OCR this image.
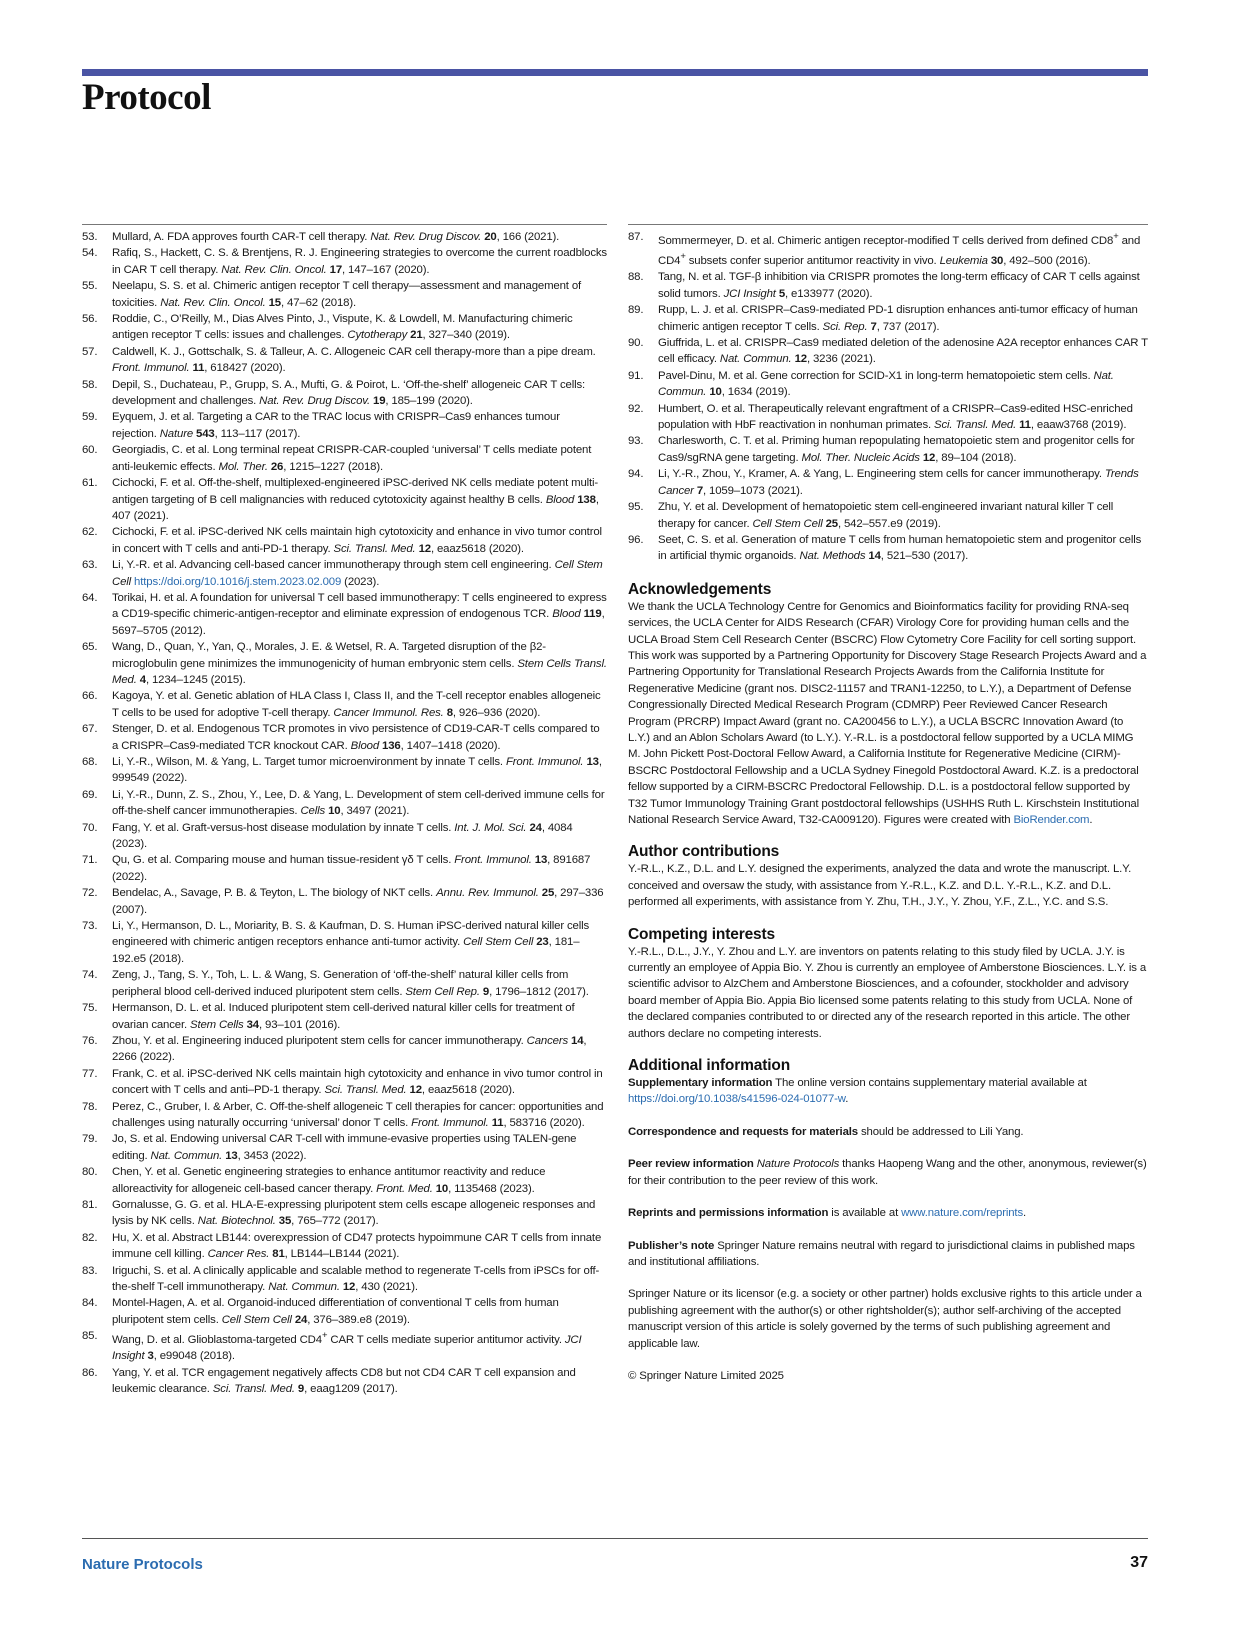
Protocol
53.	Mullard, A. FDA approves fourth CAR-T cell therapy. Nat. Rev. Drug Discov. 20, 166 (2021).
54.	Rafiq, S., Hackett, C. S. & Brentjens, R. J. Engineering strategies to overcome the current roadblocks in CAR T cell therapy. Nat. Rev. Clin. Oncol. 17, 147–167 (2020).
55.	Neelapu, S. S. et al. Chimeric antigen receptor T cell therapy—assessment and management of toxicities. Nat. Rev. Clin. Oncol. 15, 47–62 (2018).
56.	Roddie, C., O’Reilly, M., Dias Alves Pinto, J., Vispute, K. & Lowdell, M. Manufacturing chimeric antigen receptor T cells: issues and challenges. Cytotherapy 21, 327–340 (2019).
57.	Caldwell, K. J., Gottschalk, S. & Talleur, A. C. Allogeneic CAR cell therapy-more than a pipe dream. Front. Immunol. 11, 618427 (2020).
58.	Depil, S., Duchateau, P., Grupp, S. A., Mufti, G. & Poirot, L. ‘Off-the-shelf’ allogeneic CAR T cells: development and challenges. Nat. Rev. Drug Discov. 19, 185–199 (2020).
59.	Eyquem, J. et al. Targeting a CAR to the TRAC locus with CRISPR–Cas9 enhances tumour rejection. Nature 543, 113–117 (2017).
60.	Georgiadis, C. et al. Long terminal repeat CRISPR-CAR-coupled ‘universal’ T cells mediate potent anti-leukemic effects. Mol. Ther. 26, 1215–1227 (2018).
61.	Cichocki, F. et al. Off-the-shelf, multiplexed-engineered iPSC-derived NK cells mediate potent multi-antigen targeting of B cell malignancies with reduced cytotoxicity against healthy B cells. Blood 138, 407 (2021).
62.	Cichocki, F. et al. iPSC-derived NK cells maintain high cytotoxicity and enhance in vivo tumor control in concert with T cells and anti-PD-1 therapy. Sci. Transl. Med. 12, eaaz5618 (2020).
63.	Li, Y.-R. et al. Advancing cell-based cancer immunotherapy through stem cell engineering. Cell Stem Cell https://doi.org/10.1016/j.stem.2023.02.009 (2023).
64.	Torikai, H. et al. A foundation for universal T cell based immunotherapy: T cells engineered to express a CD19-specific chimeric-antigen-receptor and eliminate expression of endogenous TCR. Blood 119, 5697–5705 (2012).
65.	Wang, D., Quan, Y., Yan, Q., Morales, J. E. & Wetsel, R. A. Targeted disruption of the β2-microglobulin gene minimizes the immunogenicity of human embryonic stem cells. Stem Cells Transl. Med. 4, 1234–1245 (2015).
66.	Kagoya, Y. et al. Genetic ablation of HLA Class I, Class II, and the T-cell receptor enables allogeneic T cells to be used for adoptive T-cell therapy. Cancer Immunol. Res. 8, 926–936 (2020).
67.	Stenger, D. et al. Endogenous TCR promotes in vivo persistence of CD19-CAR-T cells compared to a CRISPR–Cas9-mediated TCR knockout CAR. Blood 136, 1407–1418 (2020).
68.	Li, Y.-R., Wilson, M. & Yang, L. Target tumor microenvironment by innate T cells. Front. Immunol. 13, 999549 (2022).
69.	Li, Y.-R., Dunn, Z. S., Zhou, Y., Lee, D. & Yang, L. Development of stem cell-derived immune cells for off-the-shelf cancer immunotherapies. Cells 10, 3497 (2021).
70.	Fang, Y. et al. Graft-versus-host disease modulation by innate T cells. Int. J. Mol. Sci. 24, 4084 (2023).
71.	Qu, G. et al. Comparing mouse and human tissue-resident γδ T cells. Front. Immunol. 13, 891687 (2022).
72.	Bendelac, A., Savage, P. B. & Teyton, L. The biology of NKT cells. Annu. Rev. Immunol. 25, 297–336 (2007).
73.	Li, Y., Hermanson, D. L., Moriarity, B. S. & Kaufman, D. S. Human iPSC-derived natural killer cells engineered with chimeric antigen receptors enhance anti-tumor activity. Cell Stem Cell 23, 181–192.e5 (2018).
74.	Zeng, J., Tang, S. Y., Toh, L. L. & Wang, S. Generation of ‘off-the-shelf’ natural killer cells from peripheral blood cell-derived induced pluripotent stem cells. Stem Cell Rep. 9, 1796–1812 (2017).
75.	Hermanson, D. L. et al. Induced pluripotent stem cell-derived natural killer cells for treatment of ovarian cancer. Stem Cells 34, 93–101 (2016).
76.	Zhou, Y. et al. Engineering induced pluripotent stem cells for cancer immunotherapy. Cancers 14, 2266 (2022).
77.	Frank, C. et al. iPSC-derived NK cells maintain high cytotoxicity and enhance in vivo tumor control in concert with T cells and anti–PD-1 therapy. Sci. Transl. Med. 12, eaaz5618 (2020).
78.	Perez, C., Gruber, I. & Arber, C. Off-the-shelf allogeneic T cell therapies for cancer: opportunities and challenges using naturally occurring ‘universal’ donor T cells. Front. Immunol. 11, 583716 (2020).
79.	Jo, S. et al. Endowing universal CAR T-cell with immune-evasive properties using TALEN-gene editing. Nat. Commun. 13, 3453 (2022).
80.	Chen, Y. et al. Genetic engineering strategies to enhance antitumor reactivity and reduce alloreactivity for allogeneic cell-based cancer therapy. Front. Med. 10, 1135468 (2023).
81.	Gornalusse, G. G. et al. HLA-E-expressing pluripotent stem cells escape allogeneic responses and lysis by NK cells. Nat. Biotechnol. 35, 765–772 (2017).
82.	Hu, X. et al. Abstract LB144: overexpression of CD47 protects hypoimmune CAR T cells from innate immune cell killing. Cancer Res. 81, LB144–LB144 (2021).
83.	Iriguchi, S. et al. A clinically applicable and scalable method to regenerate T-cells from iPSCs for off-the-shelf T-cell immunotherapy. Nat. Commun. 12, 430 (2021).
84.	Montel-Hagen, A. et al. Organoid-induced differentiation of conventional T cells from human pluripotent stem cells. Cell Stem Cell 24, 376–389.e8 (2019).
85.	Wang, D. et al. Glioblastoma-targeted CD4+ CAR T cells mediate superior antitumor activity. JCI Insight 3, e99048 (2018).
86.	Yang, Y. et al. TCR engagement negatively affects CD8 but not CD4 CAR T cell expansion and leukemic clearance. Sci. Transl. Med. 9, eaag1209 (2017).
87.	Sommermeyer, D. et al. Chimeric antigen receptor-modified T cells derived from defined CD8+ and CD4+ subsets confer superior antitumor reactivity in vivo. Leukemia 30, 492–500 (2016).
88.	Tang, N. et al. TGF-β inhibition via CRISPR promotes the long-term efficacy of CAR T cells against solid tumors. JCI Insight 5, e133977 (2020).
89.	Rupp, L. J. et al. CRISPR–Cas9-mediated PD-1 disruption enhances anti-tumor efficacy of human chimeric antigen receptor T cells. Sci. Rep. 7, 737 (2017).
90.	Giuffrida, L. et al. CRISPR–Cas9 mediated deletion of the adenosine A2A receptor enhances CAR T cell efficacy. Nat. Commun. 12, 3236 (2021).
91.	Pavel-Dinu, M. et al. Gene correction for SCID-X1 in long-term hematopoietic stem cells. Nat. Commun. 10, 1634 (2019).
92.	Humbert, O. et al. Therapeutically relevant engraftment of a CRISPR–Cas9-edited HSC-enriched population with HbF reactivation in nonhuman primates. Sci. Transl. Med. 11, eaaw3768 (2019).
93.	Charlesworth, C. T. et al. Priming human repopulating hematopoietic stem and progenitor cells for Cas9/sgRNA gene targeting. Mol. Ther. Nucleic Acids 12, 89–104 (2018).
94.	Li, Y.-R., Zhou, Y., Kramer, A. & Yang, L. Engineering stem cells for cancer immunotherapy. Trends Cancer 7, 1059–1073 (2021).
95.	Zhu, Y. et al. Development of hematopoietic stem cell-engineered invariant natural killer T cell therapy for cancer. Cell Stem Cell 25, 542–557.e9 (2019).
96.	Seet, C. S. et al. Generation of mature T cells from human hematopoietic stem and progenitor cells in artificial thymic organoids. Nat. Methods 14, 521–530 (2017).
Acknowledgements

We thank the UCLA Technology Centre for Genomics and Bioinformatics facility for providing RNA-seq services, the UCLA Center for AIDS Research (CFAR) Virology Core for providing human cells and the UCLA Broad Stem Cell Research Center (BSCRC) Flow Cytometry Core Facility for cell sorting support. This work was supported by a Partnering Opportunity for Discovery Stage Research Projects Award and a Partnering Opportunity for Translational Research Projects Awards from the California Institute for Regenerative Medicine (grant nos. DISC2-11157 and TRAN1-12250, to L.Y.), a Department of Defense Congressionally Directed Medical Research Program (CDMRP) Peer Reviewed Cancer Research Program (PRCRP) Impact Award (grant no. CA200456 to L.Y.), a UCLA BSCRC Innovation Award (to L.Y.) and an Ablon Scholars Award (to L.Y.). Y.-R.L. is a postdoctoral fellow supported by a UCLA MIMG M. John Pickett Post-Doctoral Fellow Award, a California Institute for Regenerative Medicine (CIRM)-BSCRC Postdoctoral Fellowship and a UCLA Sydney Finegold Postdoctoral Award. K.Z. is a predoctoral fellow supported by a CIRM-BSCRC Predoctoral Fellowship. D.L. is a postdoctoral fellow supported by T32 Tumor Immunology Training Grant postdoctoral fellowships (USHHS Ruth L. Kirschstein Institutional National Research Service Award, T32-CA009120). Figures were created with BioRender.com.

Author contributions

Y.-R.L., K.Z., D.L. and L.Y. designed the experiments, analyzed the data and wrote the manuscript. L.Y. conceived and oversaw the study, with assistance from Y.-R.L., K.Z. and D.L. Y.-R.L., K.Z. and D.L. performed all experiments, with assistance from Y. Zhu, T.H., J.Y., Y. Zhou, Y.F., Z.L., Y.C. and S.S.

Competing interests

Y.-R.L., D.L., J.Y., Y. Zhou and L.Y. are inventors on patents relating to this study filed by UCLA. J.Y. is currently an employee of Appia Bio. Y. Zhou is currently an employee of Amberstone Biosciences. L.Y. is a scientific advisor to AlzChem and Amberstone Biosciences, and a cofounder, stockholder and advisory board member of Appia Bio. Appia Bio licensed some patents relating to this study from UCLA. None of the declared companies contributed to or directed any of the research reported in this article. The other authors declare no competing interests.

Additional information

Supplementary information The online version contains supplementary material available at https://doi.org/10.1038/s41596-024-01077-w.

Correspondence and requests for materials should be addressed to Lili Yang.

Peer review information Nature Protocols thanks Haopeng Wang and the other, anonymous, reviewer(s) for their contribution to the peer review of this work.

Reprints and permissions information is available at www.nature.com/reprints.

Publisher’s note Springer Nature remains neutral with regard to jurisdictional claims in published maps and institutional affiliations.

Springer Nature or its licensor (e.g. a society or other partner) holds exclusive rights to this article under a publishing agreement with the author(s) or other rightsholder(s); author self-archiving of the accepted manuscript version of this article is solely governed by the terms of such publishing agreement and applicable law.

© Springer Nature Limited 2025

Nature Protocols	37
